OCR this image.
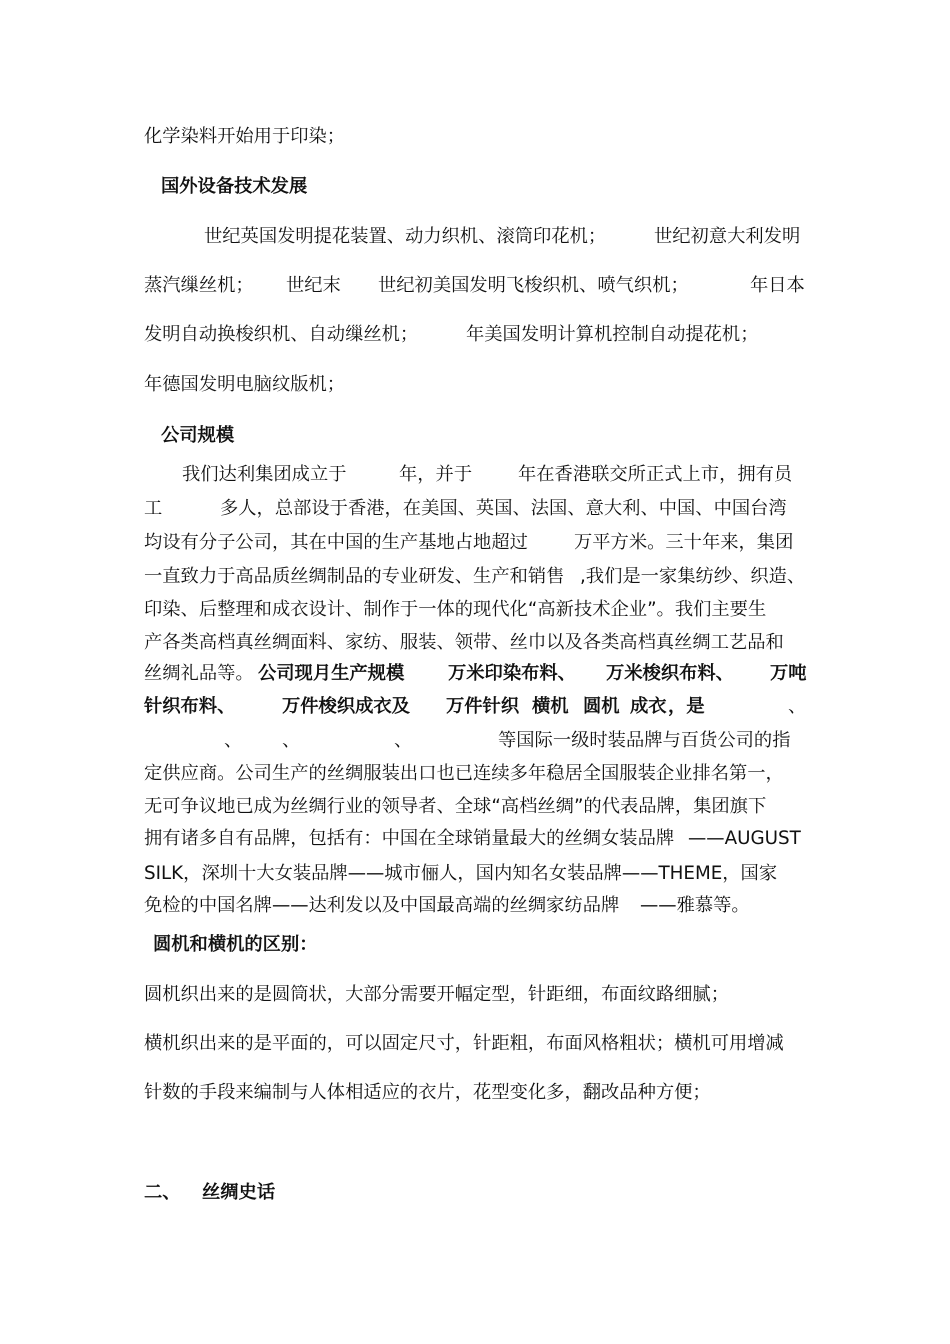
化学染料开始用于印染；
国外设备技术发展
世纪英国发明提花装置、动力织机、滚筒印花机；	世纪初意大利发明
蒸汽缫丝机； 世纪末 世纪初美国发明飞梭织机、喷气织机；	年日本
发明自动换梭织机、自动缫丝机；	年美国发明计算机控制自动提花机；
年德国发明电脑纹版机；
公司规模
我们达利集团成立于	年，并于	年在香港联交所正式上市，拥有员
工	多人，总部设于香港，在美国、英国、法国、意大利、中国、中国台湾
均设有分子公司，其在中国的生产基地占地超过	万平方米。三十年来，集团
一直致力于高品质丝绸制品的专业研发、生产和销售 ,我们是一家集纺纱、织造、
印染、后整理和成衣设计、制作于一体的现代化“高新技术企业”。我们主要生
产各类高档真丝绸面料、家纺、服装、领带、丝巾以及各类高档真丝绸工艺品和
丝绸礼品等。 公司现月生产规模 万米印染布料、 万米梭织布料、 万吨
针织布料、	万件梭织成衣及 万件针织 横机 圆机 成衣 ，是	、
、 、	、	等国际一级时装品牌与百货公司的指
定供应商。公司生产的丝绸服装出口也已连续多年稳居全国服装企业排名第一，
无可争议地已成为丝绸行业的领导者、全球“高档丝绸”的代表品牌，集团旗下
拥有诸多自有品牌，包括有：中国在全球销量最大的丝绸女装品牌 ——AUGUST
SILK，深圳十大女装品牌——城市俪人，国内知名女装品牌——THEME，国家
免检的中国名牌——达利发以及中国最高端的丝绸家纺品牌 ——雅慕等。
圆机和横机的区别：
圆机织出来的是圆筒状，大部分需要开幅定型，针距细，布面纹路细腻；
横机织出来的是平面的，可以固定尺寸，针距粗，布面风格粗状；横机可用增减
针数的手段来编制与人体相适应的衣片，花型变化多，翻改品种方便；
二、 丝绸史话
